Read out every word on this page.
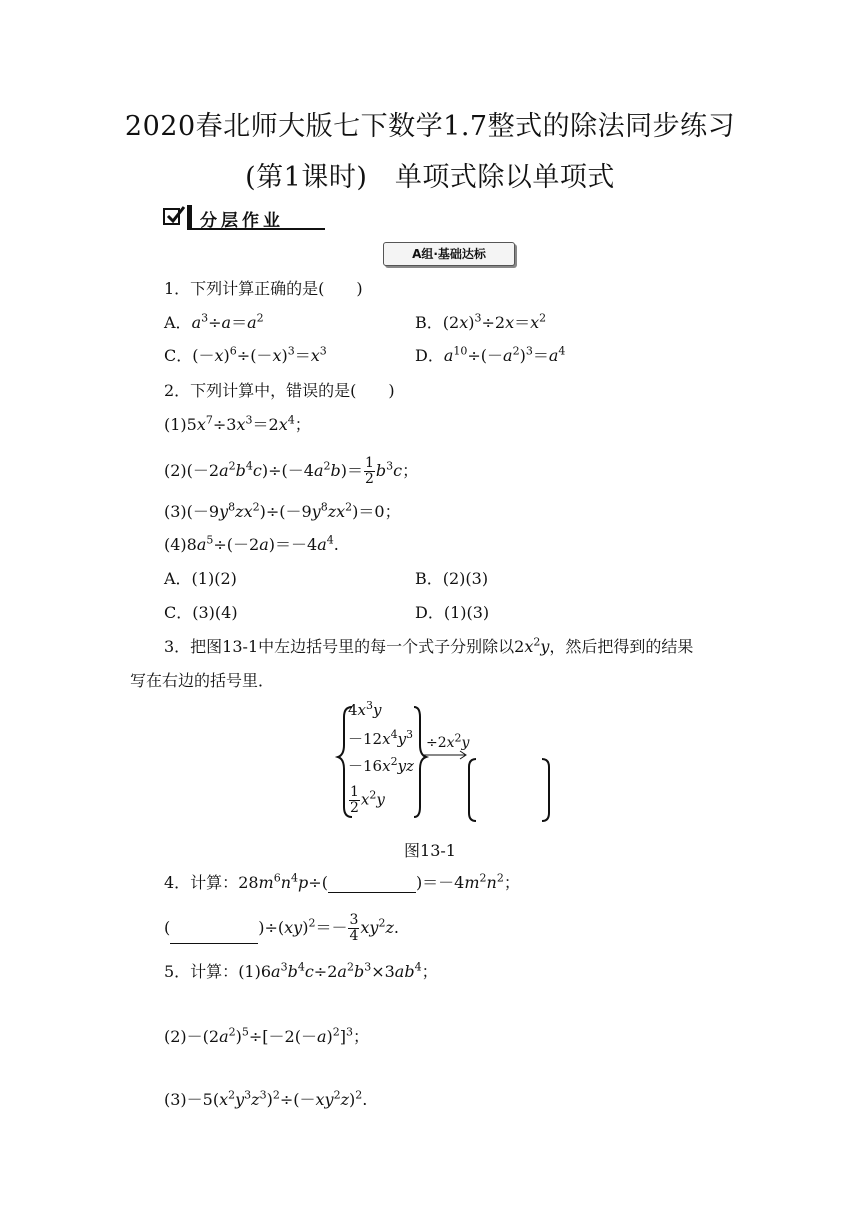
2020春北师大版七下数学1.7整式的除法同步练习
(第1课时)　单项式除以单项式
分层作业
A组·基础达标
1．下列计算正确的是(　　)
A．$a^3\div a=a^2$	B．$(2x)^3\div 2x=x^2$
C．$(-x)^6\div(-x)^3=x^3$	D．$a^{10}\div(-a^2)^3=a^4$
2．下列计算中，错误的是(　　)
$(1)5x^7\div 3x^3=2x^4$；
$(2)(-2a^2b^4c)\div(-4a^2b)= \frac{1}{2} b^3c$；
$(3)(-9y^8zx^2)\div(-9y^8zx^2)=0$；
$(4)8a^5\div(-2a)=-4a^4$.
A．(1)(2)	B．(2)(3)
C．(3)(4)	D．(1)(3)
3．把图13-1中左边括号里的每一个式子分别除以$2x^2y$，然后把得到的结果
写在右边的括号里．
$4x^3y$
$-12x^4y^3$
$-16x^2yz$
$\frac{1}{2} x^2y$
$\div 2x^2y$
图13-1
4．计算：$28m^6n^4p\div$(	)$=-4m^2n^2$；
(	)$\div(xy)^2=- \frac{3}{4} xy^2z$.
5．计算：$(1)6a^3b^4c\div 2a^2b^3\times 3ab^4$；
$(2)-(2a^2)^5\div[-2(-a)^2]^3$；
$(3)-5(x^2y^3z^3)^2\div(-xy^2z)^2$.
